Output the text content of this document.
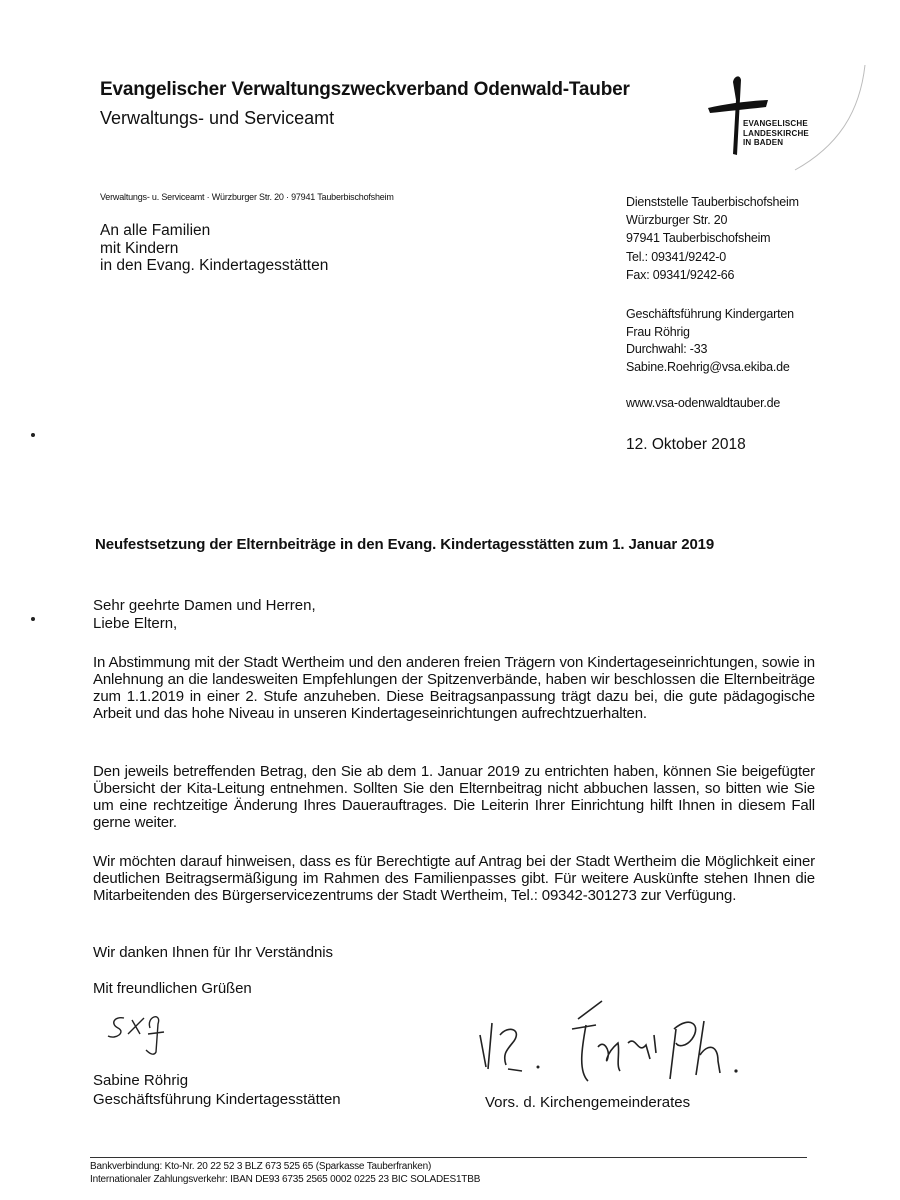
Evangelischer Verwaltungszweckverband Odenwald-Tauber
Verwaltungs- und Serviceamt	EVANGELISCHE
LANDESKIRCHE
IN BADEN
Verwaltungs- u. Serviceamt · Würzburger Str. 20 · 97941 Tauberbischofsheim
An alle Familien
mit Kindern
in den Evang. Kindertagesstätten
Dienststelle Tauberbischofsheim
Würzburger Str. 20
97941 Tauberbischofsheim
Tel.: 09341/9242-0
Fax: 09341/9242-66
Geschäftsführung Kindergarten
Frau Röhrig
Durchwahl: -33
Sabine.Roehrig@vsa.ekiba.de
www.vsa-odenwaldtauber.de
12. Oktober 2018
Neufestsetzung der Elternbeiträge in den Evang. Kindertagesstätten zum 1. Januar 2019
Sehr geehrte Damen und Herren,
Liebe Eltern,
In Abstimmung mit der Stadt Wertheim und den anderen freien Trägern von Kindertageseinrichtungen, sowie in Anlehnung an die landesweiten Empfehlungen der Spitzenverbände, haben wir beschlossen die Elternbeiträge zum 1.1.2019 in einer 2. Stufe anzuheben. Diese Beitragsanpassung trägt dazu bei, die gute pädagogische Arbeit und das hohe Niveau in unseren Kindertageseinrichtungen aufrechtzuerhalten.
Den jeweils betreffenden Betrag, den Sie ab dem 1. Januar 2019 zu entrichten haben, können Sie beigefügter Übersicht der Kita-Leitung entnehmen. Sollten Sie den Elternbeitrag nicht abbuchen lassen, so bitten wie Sie um eine rechtzeitige Änderung Ihres Dauerauftrages. Die Leiterin Ihrer Einrichtung hilft Ihnen in diesem Fall gerne weiter.
Wir möchten darauf hinweisen, dass es für Berechtigte auf Antrag bei der Stadt Wertheim die Möglichkeit einer deutlichen Beitragsermäßigung im Rahmen des Familienpasses gibt. Für weitere Auskünfte stehen Ihnen die Mitarbeitenden des Bürgerservicezentrums der Stadt Wertheim, Tel.: 09342-301273 zur Verfügung.
Wir danken Ihnen für Ihr Verständnis
Mit freundlichen Grüßen
Sabine Röhrig
Geschäftsführung Kindertagesstätten	Vors. d. Kirchengemeinderates
Bankverbindung: Kto-Nr. 20 22 52 3 BLZ 673 525 65 (Sparkasse Tauberfranken)
Internationaler Zahlungsverkehr: IBAN DE93 6735 2565 0002 0225 23 BIC SOLADES1TBB
